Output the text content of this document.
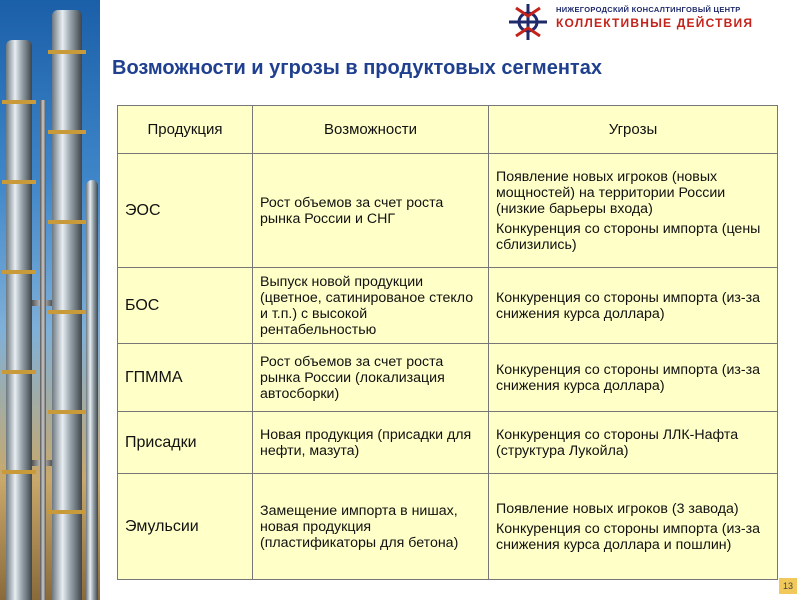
НИЖЕГОРОДСКИЙ КОНСАЛТИНГОВЫЙ ЦЕНТР
КОЛЛЕКТИВНЫЕ ДЕЙСТВИЯ
Возможности и угрозы в продуктовых сегментах
Продукция	Возможности	Угрозы
ЭОС	Рост объемов за счет роста рынка России и СНГ	Появление новых игроков (новых мощностей) на территории России (низкие барьеры входа)

Конкуренция со стороны импорта (цены сблизились)

БОС	Выпуск новой продукции (цветное, сатинированое стекло и т.п.) с высокой рентабельностью	Конкуренция со стороны импорта (из-за снижения курса доллара)

ГПММА	Рост объемов за счет роста рынка России (локализация автосборки)	Конкуренция со стороны импорта (из-за снижения курса доллара)

Присадки	Новая продукция (присадки для нефти, мазута)	Конкуренция со стороны ЛЛК-Нафта (структура Лукойла)

Эмульсии	Замещение импорта в нишах, новая продукция (пластификаторы для бетона)	Появление новых игроков (3 завода)

Конкуренция со стороны импорта (из-за снижения курса доллара и пошлин)

13
